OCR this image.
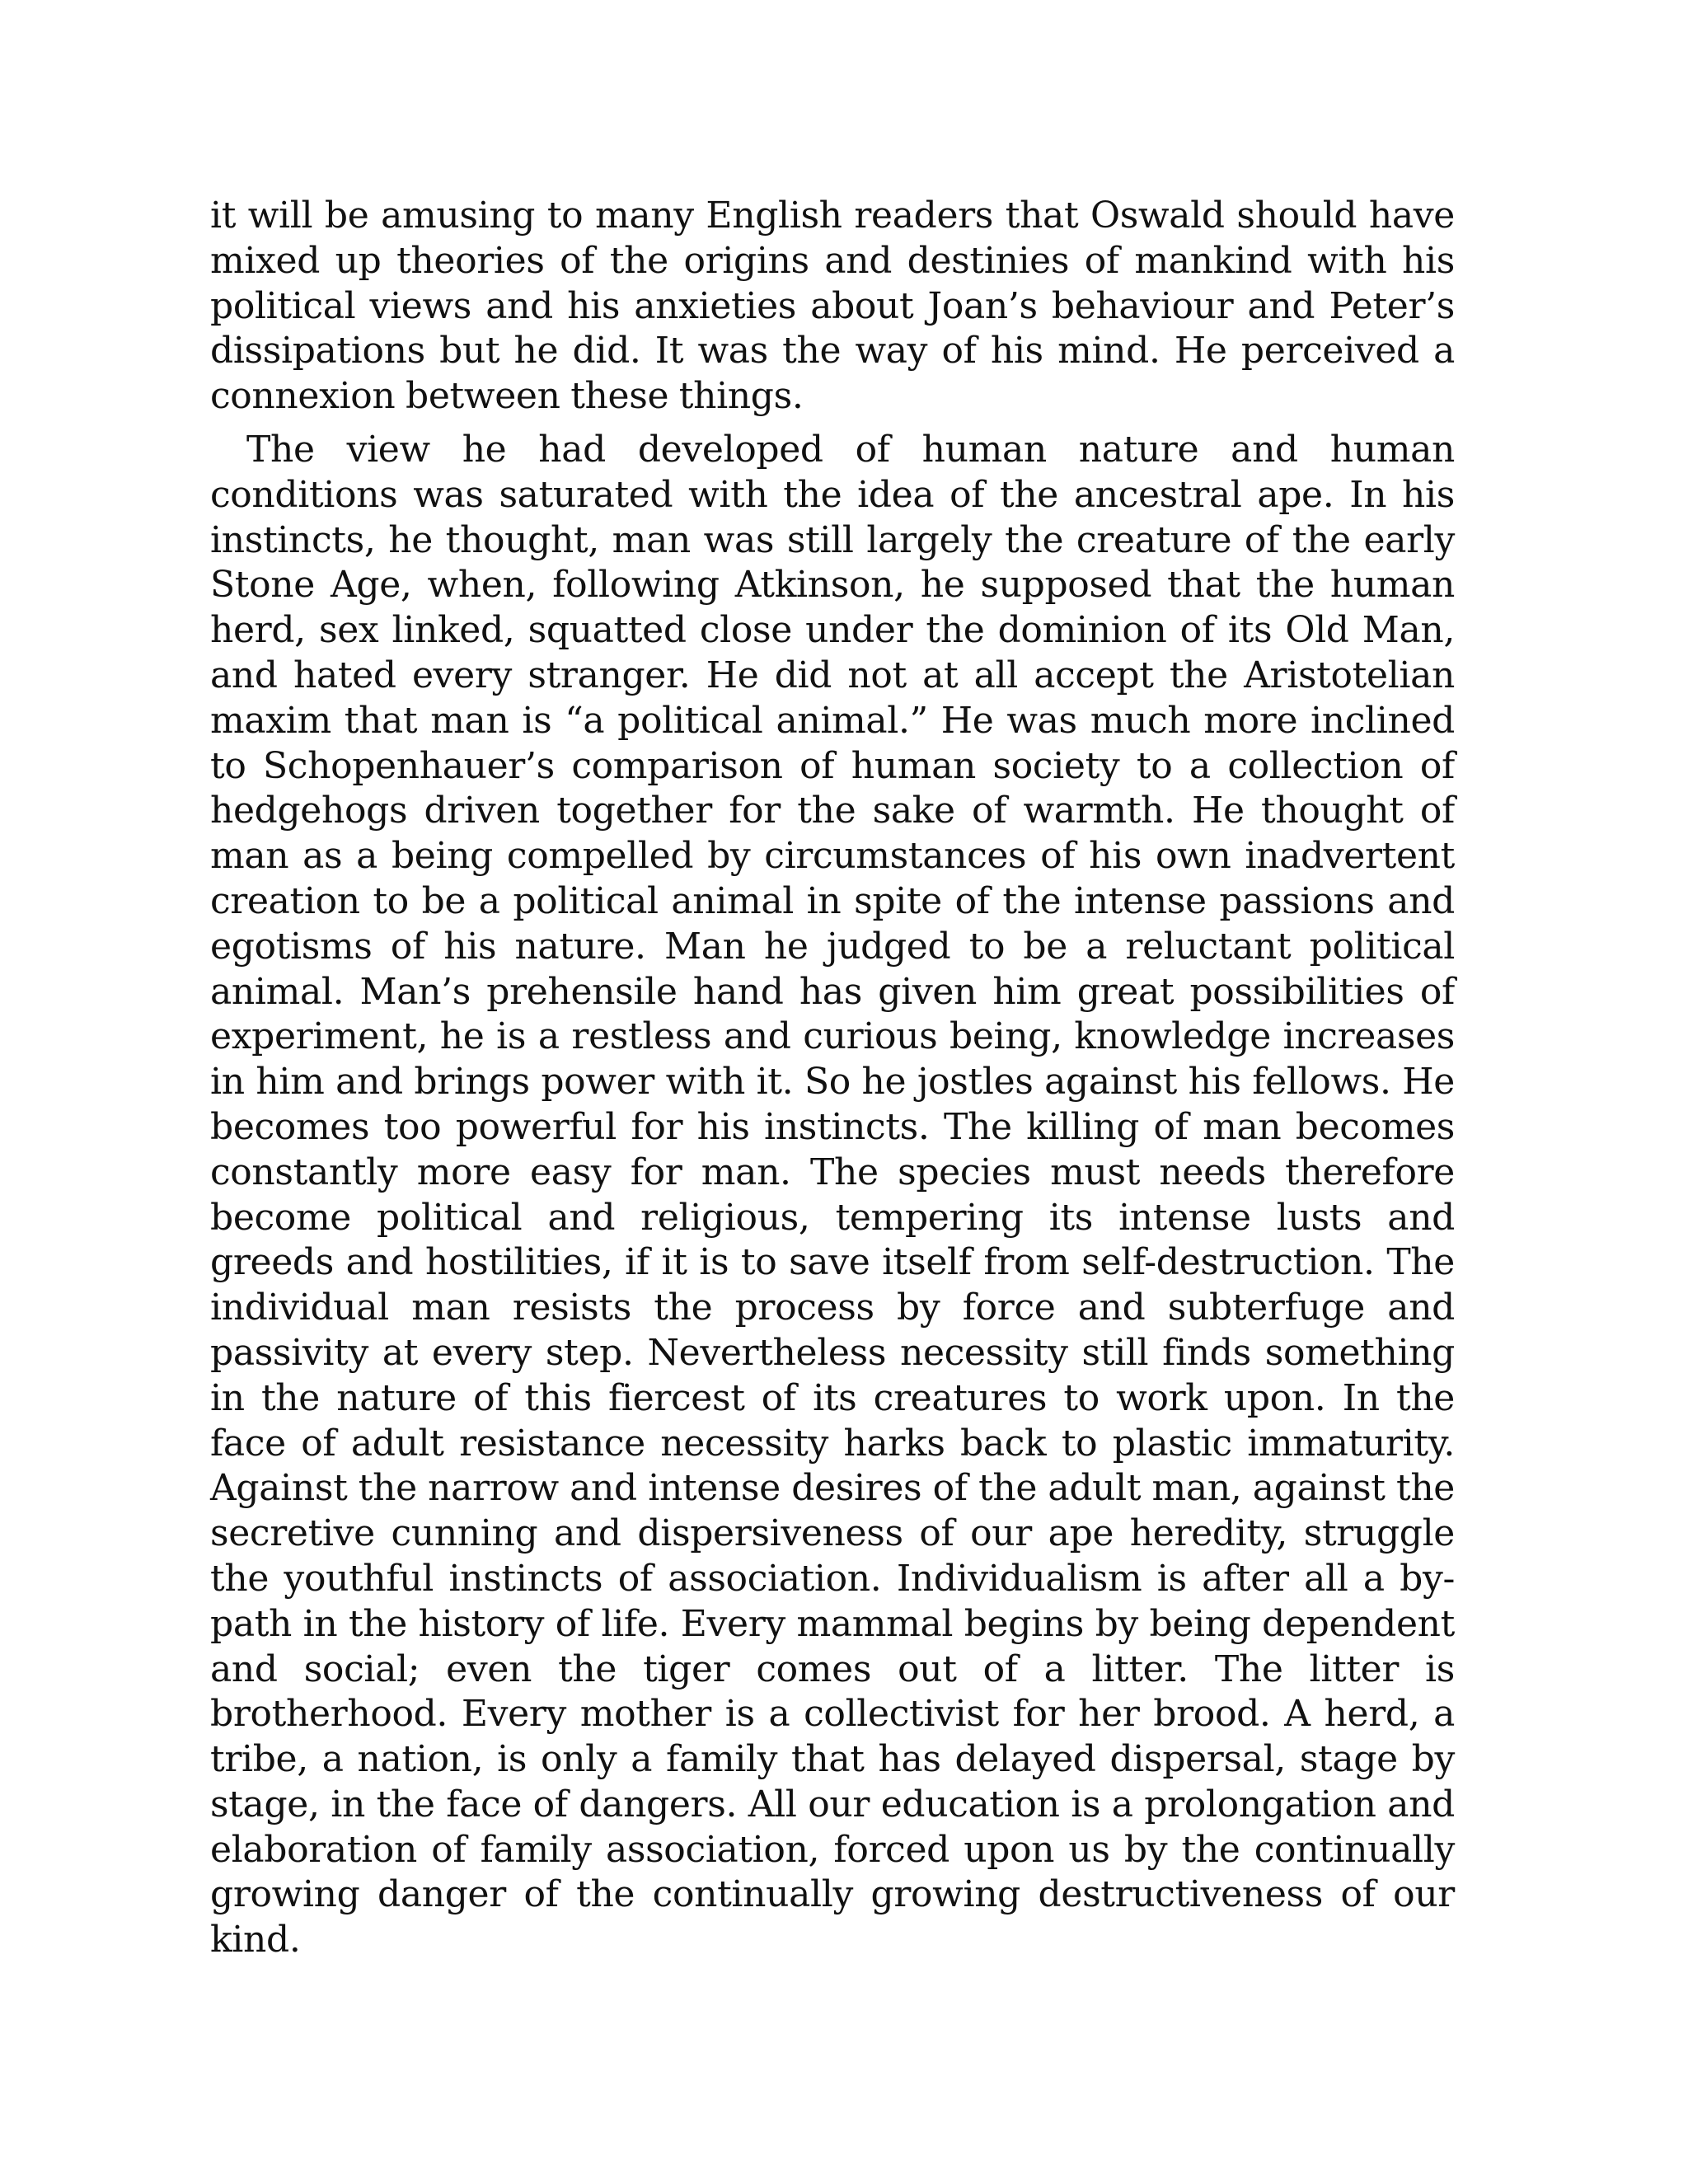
it will be amusing to many English readers that Oswald should have mixed up theories of the origins and destinies of mankind with his political views and his anxieties about Joan’s behaviour and Peter’s dissipations but he did. It was the way of his mind. He perceived a connexion between these things.

The view he had developed of human nature and human conditions was saturated with the idea of the ancestral ape. In his instincts, he thought, man was still largely the creature of the early Stone Age, when, following Atkinson, he supposed that the human herd, sex linked, squatted close under the dominion of its Old Man, and hated every stranger. He did not at all accept the Aristotelian maxim that man is “a political animal.” He was much more inclined to Schopenhauer’s comparison of human society to a collection of hedgehogs driven together for the sake of warmth. He thought of man as a being compelled by circumstances of his own inadvertent creation to be a political animal in spite of the intense passions and egotisms of his nature. Man he judged to be a reluctant political animal. Man’s prehensile hand has given him great possibilities of experiment, he is a restless and curious being, knowledge increases in him and brings power with it. So he jostles against his fellows. He becomes too powerful for his instincts. The killing of man becomes constantly more easy for man. The species must needs therefore become political and religious, tempering its intense lusts and greeds and hostilities, if it is to save itself from self-destruction. The individual man resists the process by force and subterfuge and passivity at every step. Nevertheless necessity still finds something in the nature of this fiercest of its creatures to work upon. In the face of adult resistance necessity harks back to plastic immaturity. Against the narrow and intense desires of the adult man, against the secretive cunning and dispersiveness of our ape heredity, struggle the youthful instincts of association. Individualism is after all a by-path in the history of life. Every mammal begins by being dependent and social; even the tiger comes out of a litter. The litter is brotherhood. Every mother is a collectivist for her brood. A herd, a tribe, a nation, is only a family that has delayed dispersal, stage by stage, in the face of dangers. All our education is a prolongation and elaboration of family association, forced upon us by the continually growing danger of the continually growing destructiveness of our kind.
